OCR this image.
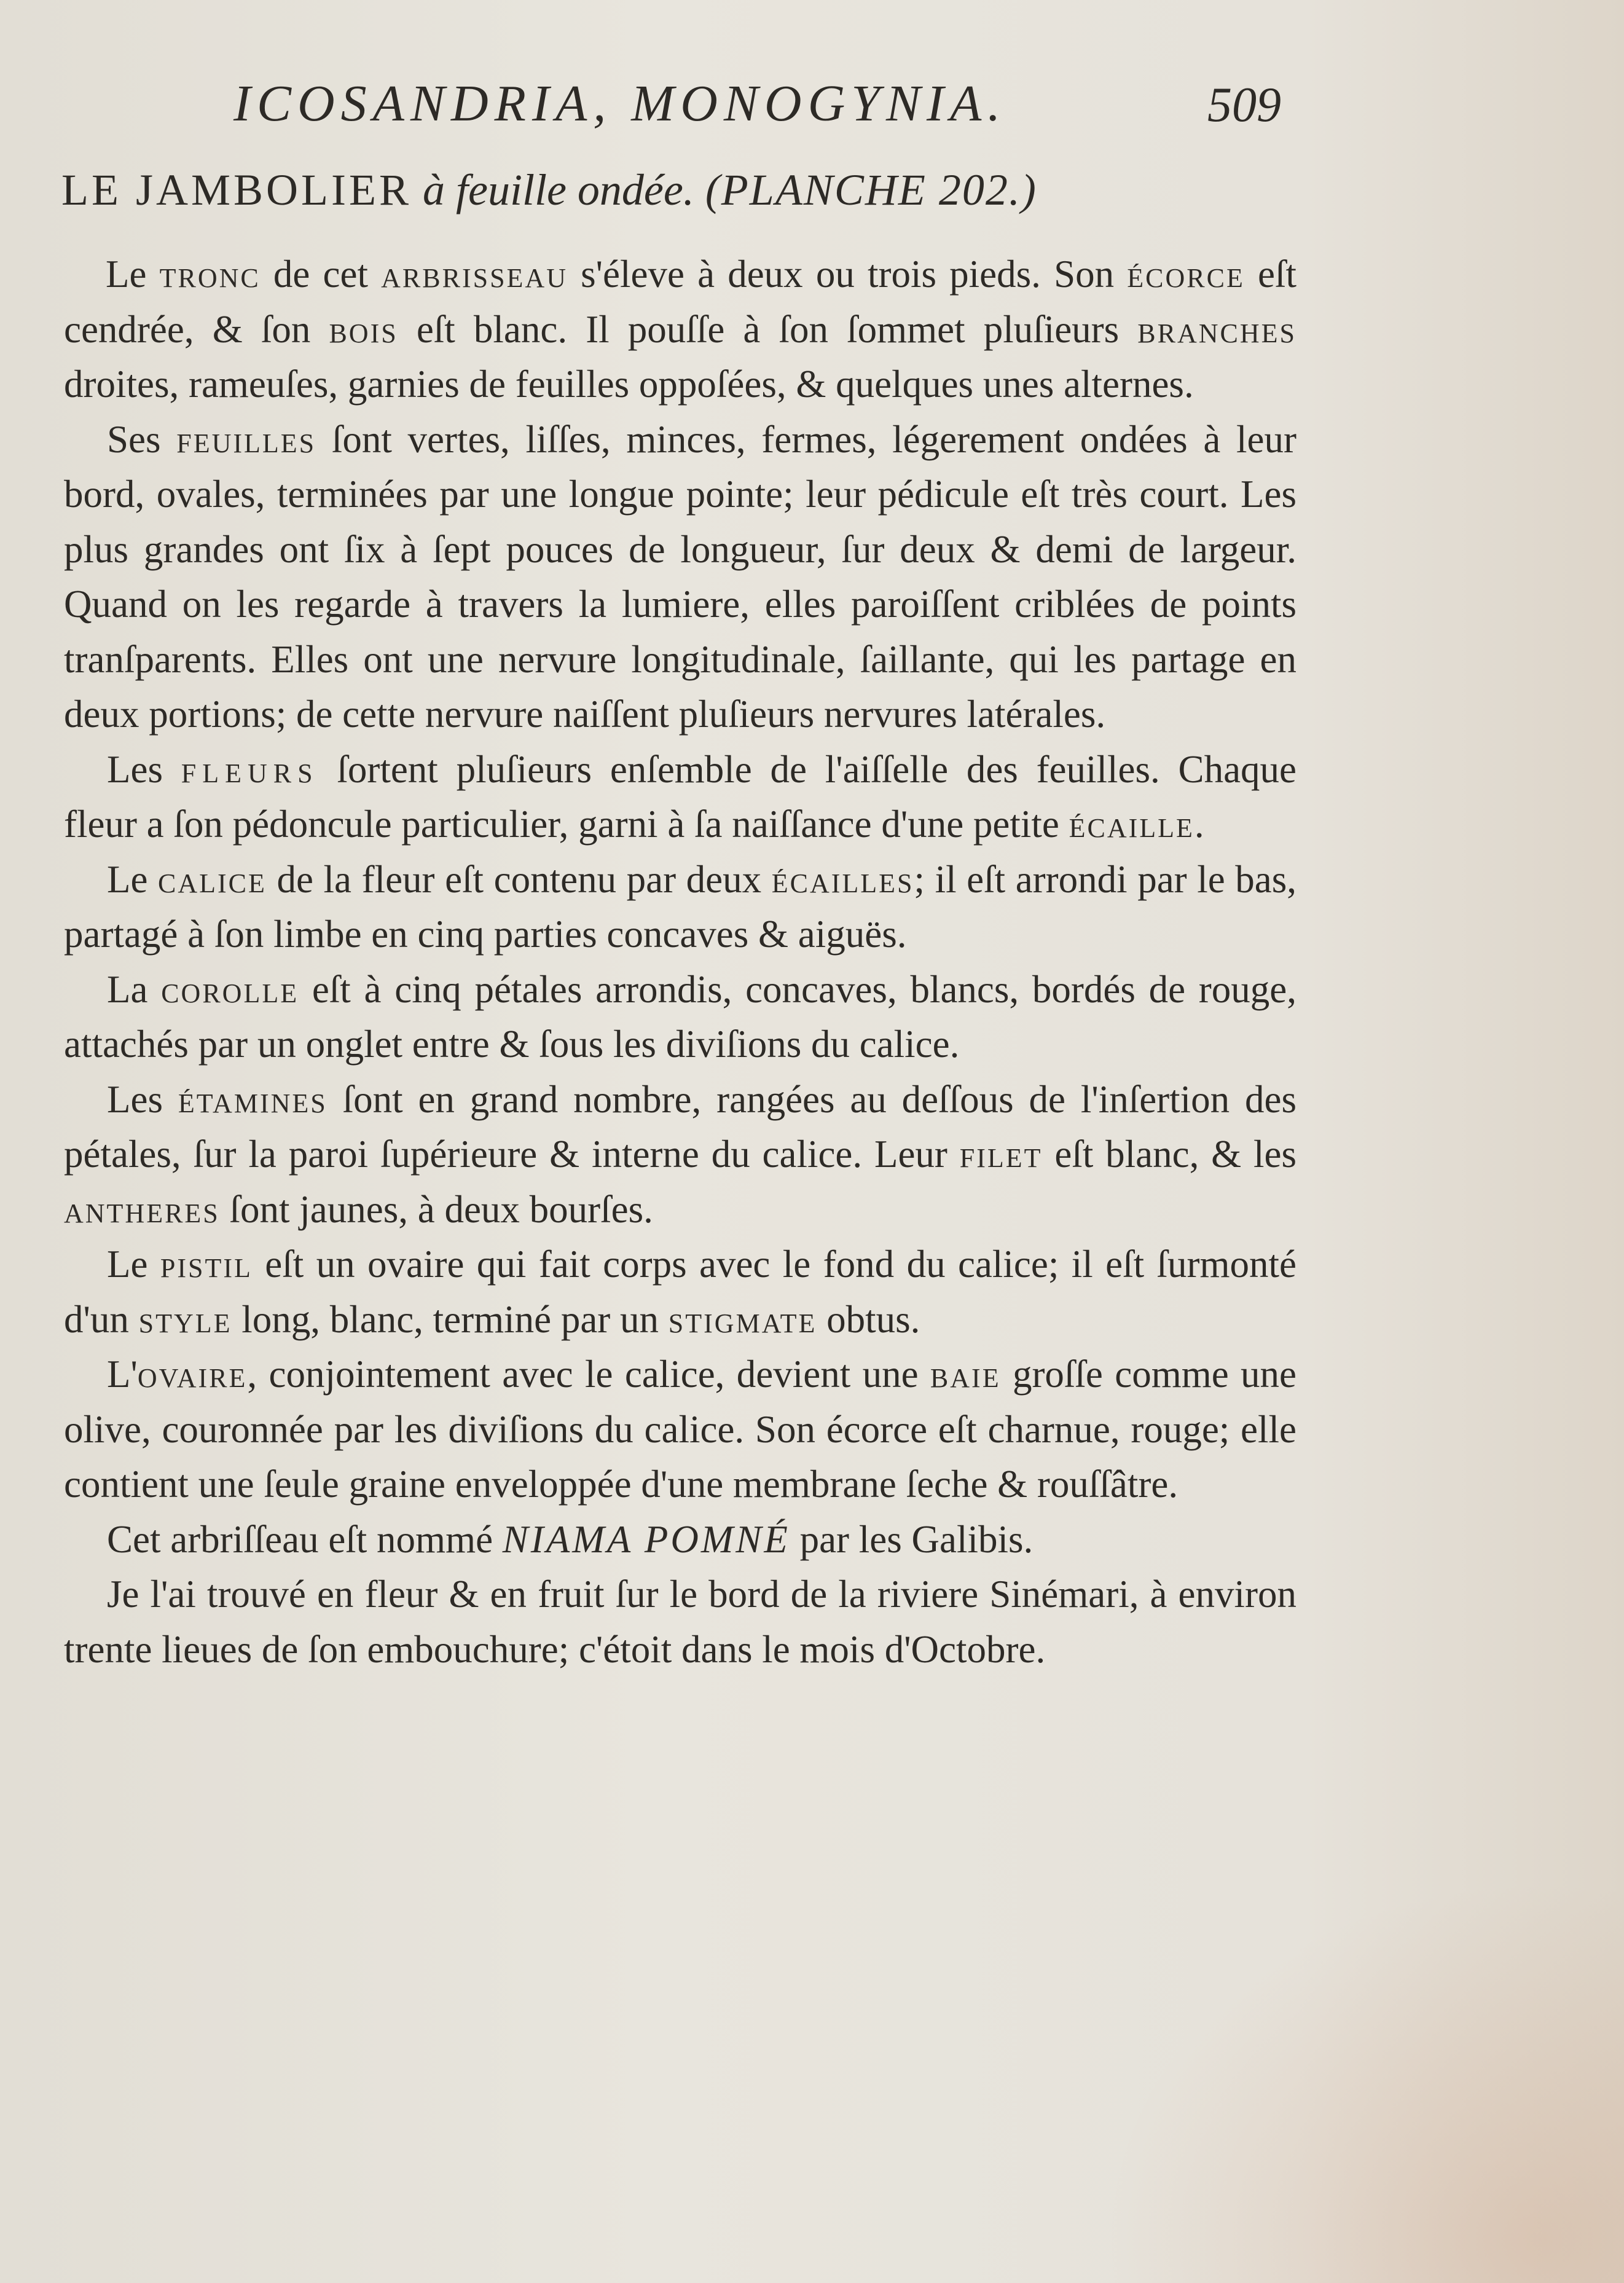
ICOSANDRIA, MONOGYNIA.	509
LE JAMBOLIER à feuille ondée. (PLANCHE 202.)

Le tronc de cet arbrisseau s'éleve à deux ou trois pieds. Son écorce eſt cendrée, & ſon bois eſt blanc. Il pouſſe à ſon ſommet pluſieurs branches droites, rameuſes, garnies de feuilles oppoſées, & quelques unes alternes.

Ses feuilles ſont vertes, liſſes, minces, fermes, légerement ondées à leur bord, ovales, terminées par une longue pointe; leur pédicule eſt très court. Les plus grandes ont ſix à ſept pouces de longueur, ſur deux & demi de largeur. Quand on les regarde à travers la lumiere, elles paroiſſent criblées de points tranſparents. Elles ont une nervure longitudinale, ſaillante, qui les partage en deux portions; de cette nervure naiſſent pluſieurs nervures latérales.

Les fleurs ſortent pluſieurs enſemble de l'aiſſelle des feuilles. Chaque fleur a ſon pédoncule particulier, garni à ſa naiſſance d'une petite écaille.

Le calice de la fleur eſt contenu par deux écailles; il eſt arrondi par le bas, partagé à ſon limbe en cinq parties concaves & aiguës.

La corolle eſt à cinq pétales arrondis, concaves, blancs, bordés de rouge, attachés par un onglet entre & ſous les diviſions du calice.

Les étamines ſont en grand nombre, rangées au deſſous de l'inſertion des pétales, ſur la paroi ſupérieure & interne du calice. Leur filet eſt blanc, & les antheres ſont jaunes, à deux bourſes.

Le pistil eſt un ovaire qui fait corps avec le fond du calice; il eſt ſurmonté d'un style long, blanc, terminé par un stigmate obtus.

L'ovaire, conjointement avec le calice, devient une baie groſſe comme une olive, couronnée par les diviſions du calice. Son écorce eſt charnue, rouge; elle contient une ſeule graine enveloppée d'une membrane ſeche & rouſſâtre.

Cet arbriſſeau eſt nommé NIAMA POMNÉ par les Galibis.

Je l'ai trouvé en fleur & en fruit ſur le bord de la riviere Sinémari, à environ trente lieues de ſon embouchure; c'étoit dans le mois d'Octobre.
